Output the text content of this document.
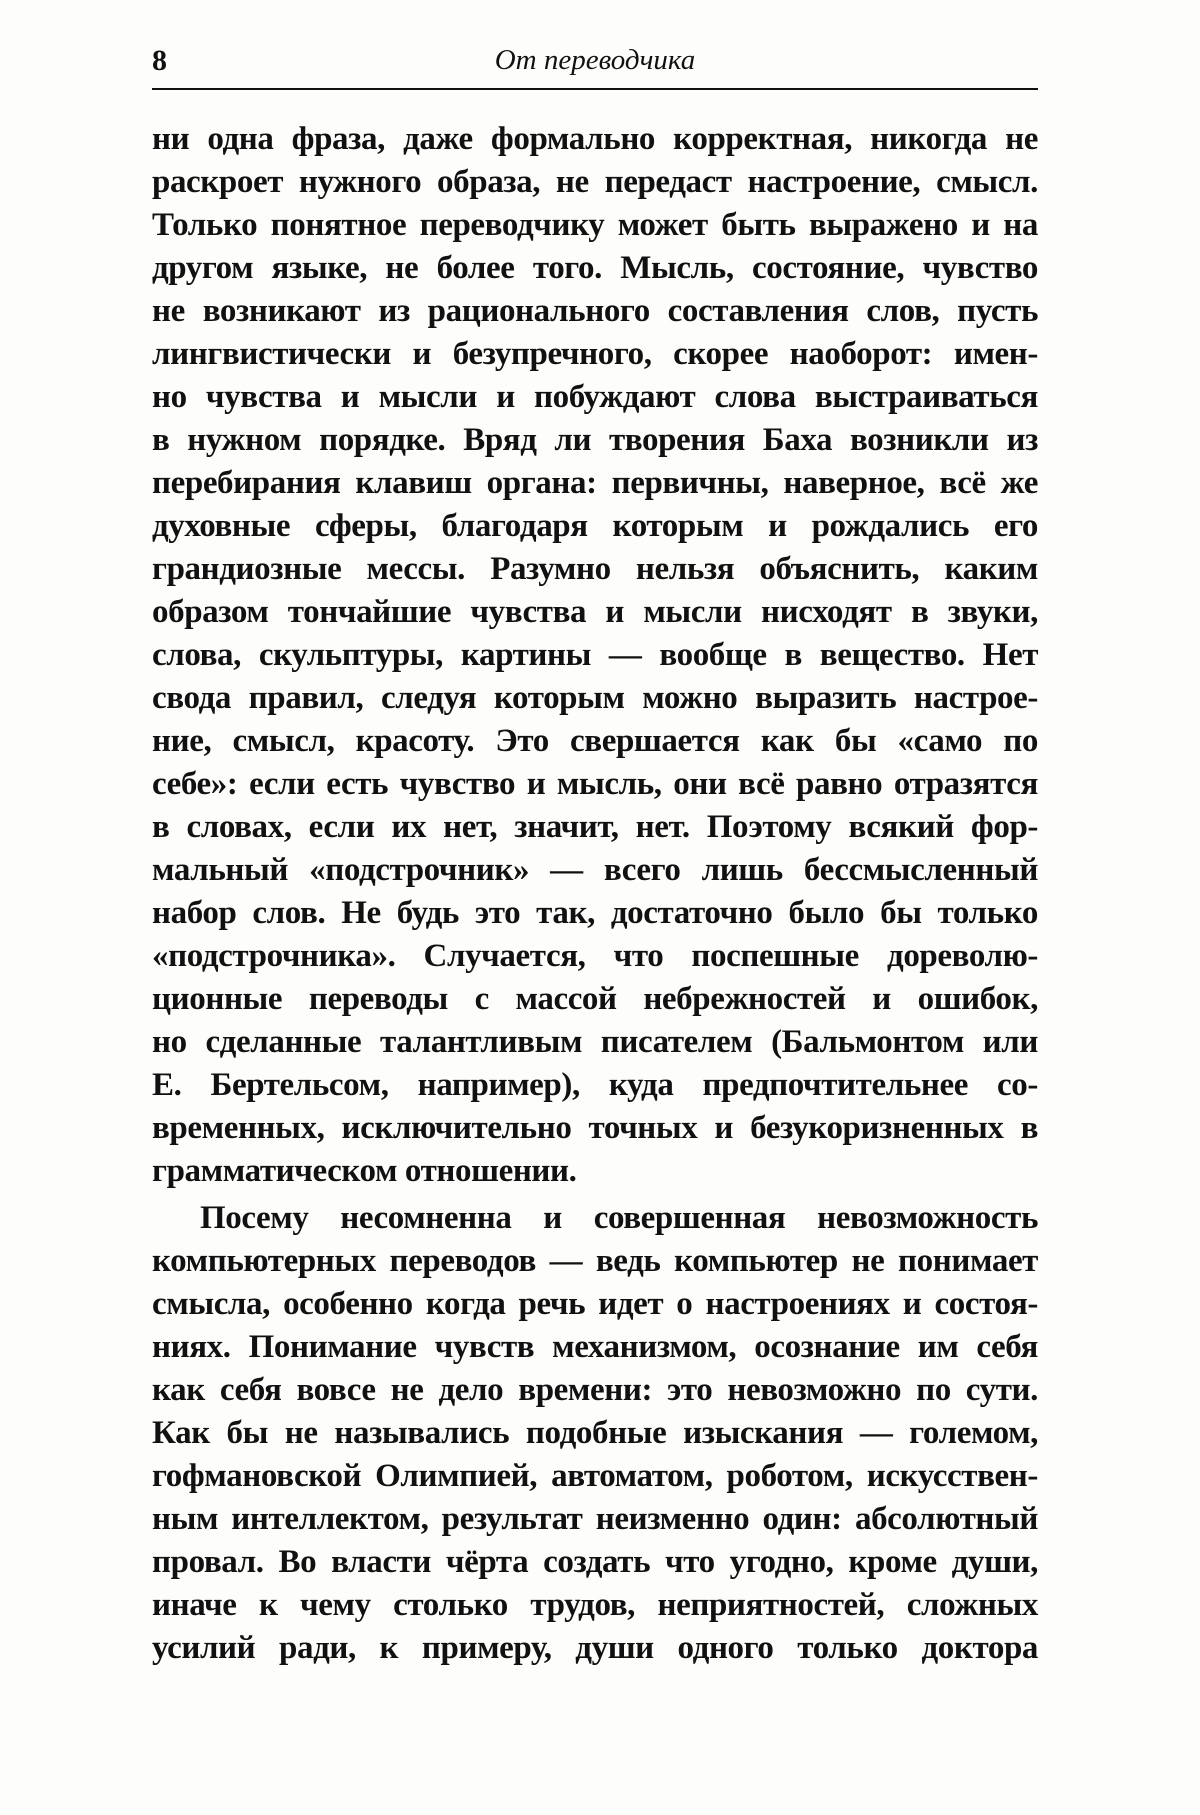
8	От переводчика
ни одна фраза, даже формально корректная, никогда не
раскроет нужного образа, не передаст настроение, смысл.
Только понятное переводчику может быть выражено и на
другом языке, не более того. Мысль, состояние, чувство
не возникают из рационального составления слов, пусть
лингвистически и безупречного, скорее наоборот: имен-
но чувства и мысли и побуждают слова выстраиваться
в нужном порядке. Вряд ли творения Баха возникли из
перебирания клавиш органа: первичны, наверное, всё же
духовные сферы, благодаря которым и рождались его
грандиозные мессы. Разумно нельзя объяснить, каким
образом тончайшие чувства и мысли нисходят в звуки,
слова, скульптуры, картины — вообще в вещество. Нет
свода правил, следуя которым можно выразить настрое-
ние, смысл, красоту. Это свершается как бы «само по
себе»: если есть чувство и мысль, они всё равно отразятся
в словах, если их нет, значит, нет. Поэтому всякий фор-
мальный «подстрочник» — всего лишь бессмысленный
набор слов. Не будь это так, достаточно было бы только
«подстрочника». Случается, что поспешные дореволю-
ционные переводы с массой небрежностей и ошибок,
но сделанные талантливым писателем (Бальмонтом или
Е. Бертельсом, например), куда предпочтительнее со-
временных, исключительно точных и безукоризненных в
грамматическом отношении.
Посему несомненна и совершенная невозможность
компьютерных переводов — ведь компьютер не понимает
смысла, особенно когда речь идет о настроениях и состоя-
ниях. Понимание чувств механизмом, осознание им себя
как себя вовсе не дело времени: это невозможно по сути.
Как бы не назывались подобные изыскания — големом,
гофмановской Олимпией, автоматом, роботом, искусствен-
ным интеллектом, результат неизменно один: абсолютный
провал. Во власти чёрта создать что угодно, кроме души,
иначе к чему столько трудов, неприятностей, сложных
усилий ради, к примеру, души одного только доктора
